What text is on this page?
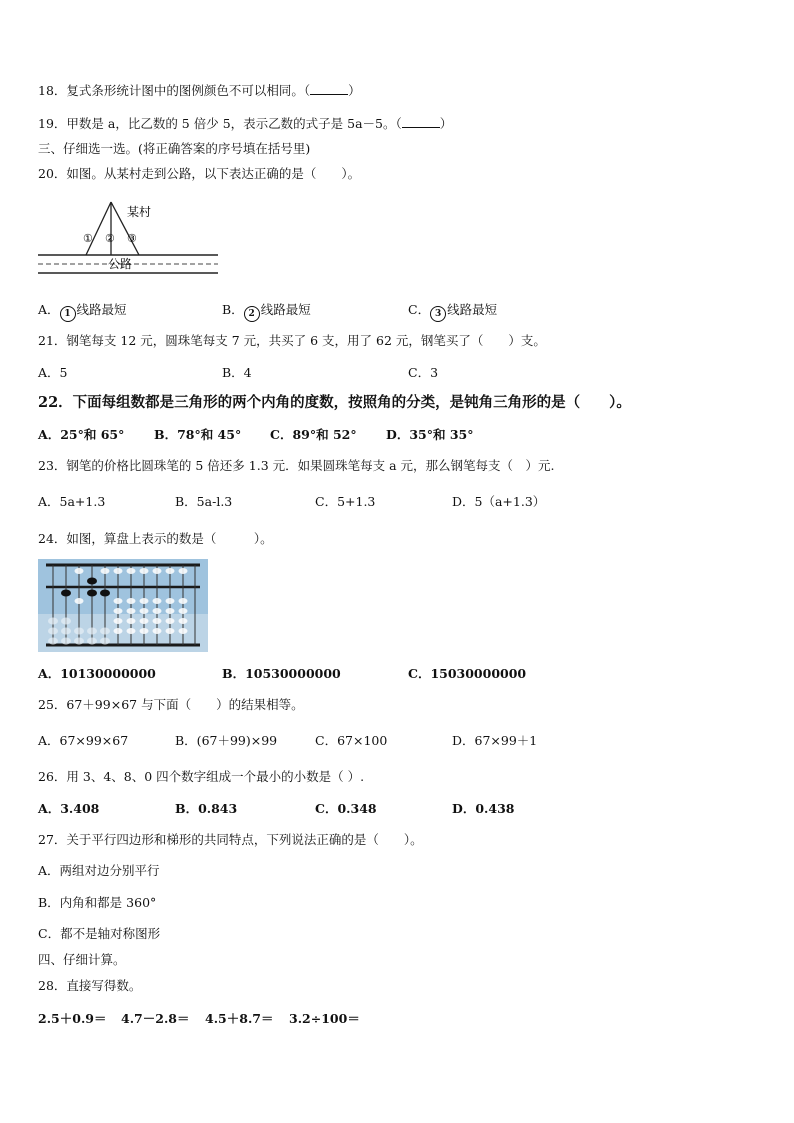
18．复式条形统计图中的图例颜色不可以相同。（	）
19．甲数是 a，比乙数的 5 倍少 5，表示乙数的式子是 5a－5。（	）
三、仔细选一选。(将正确答案的序号填在括号里)
20．如图。从某村走到公路，以下表达正确的是（　　）。
某村
① ② ③
公路
A． 1 线路最短	B． 2 线路最短	C． 3 线路最短
21．钢笔每支 12 元，圆珠笔每支 7 元，共买了 6 支，用了 62 元，钢笔买了（　　）支。
A．5	B．4	C．3
22．下面每组数都是三角形的两个内角的度数，按照角的分类，是钝角三角形的是（　　）。
A．25°和 65° B．78°和 45° C．89°和 52° D．35°和 35°
23．钢笔的价格比圆珠笔的 5 倍还多 1.3 元．如果圆珠笔每支 a 元，那么钢笔每支（　）元.
A．5a+1.3	B．5a-l.3	C．5+1.3	D．5（a+1.3）
24．如图，算盘上表示的数是（　　　）。
A．10130000000	B．10530000000	C．15030000000
25．67＋99×67 与下面（　　）的结果相等。
A．67×99×67	B．(67＋99)×99	C．67×100	D．67×99＋1
26．用 3、4、8、0 四个数字组成一个最小的小数是（ ）.
A．3.408	B．0.843	C．0.348	D．0.438
27．关于平行四边形和梯形的共同特点，下列说法正确的是（　　）。
A．两组对边分别平行
B．内角和都是 360°
C．都不是轴对称图形
四、仔细计算。
28．直接写得数。
2.5＋0.9＝ 4.7－2.8＝ 4.5＋8.7＝ 3.2÷100＝
